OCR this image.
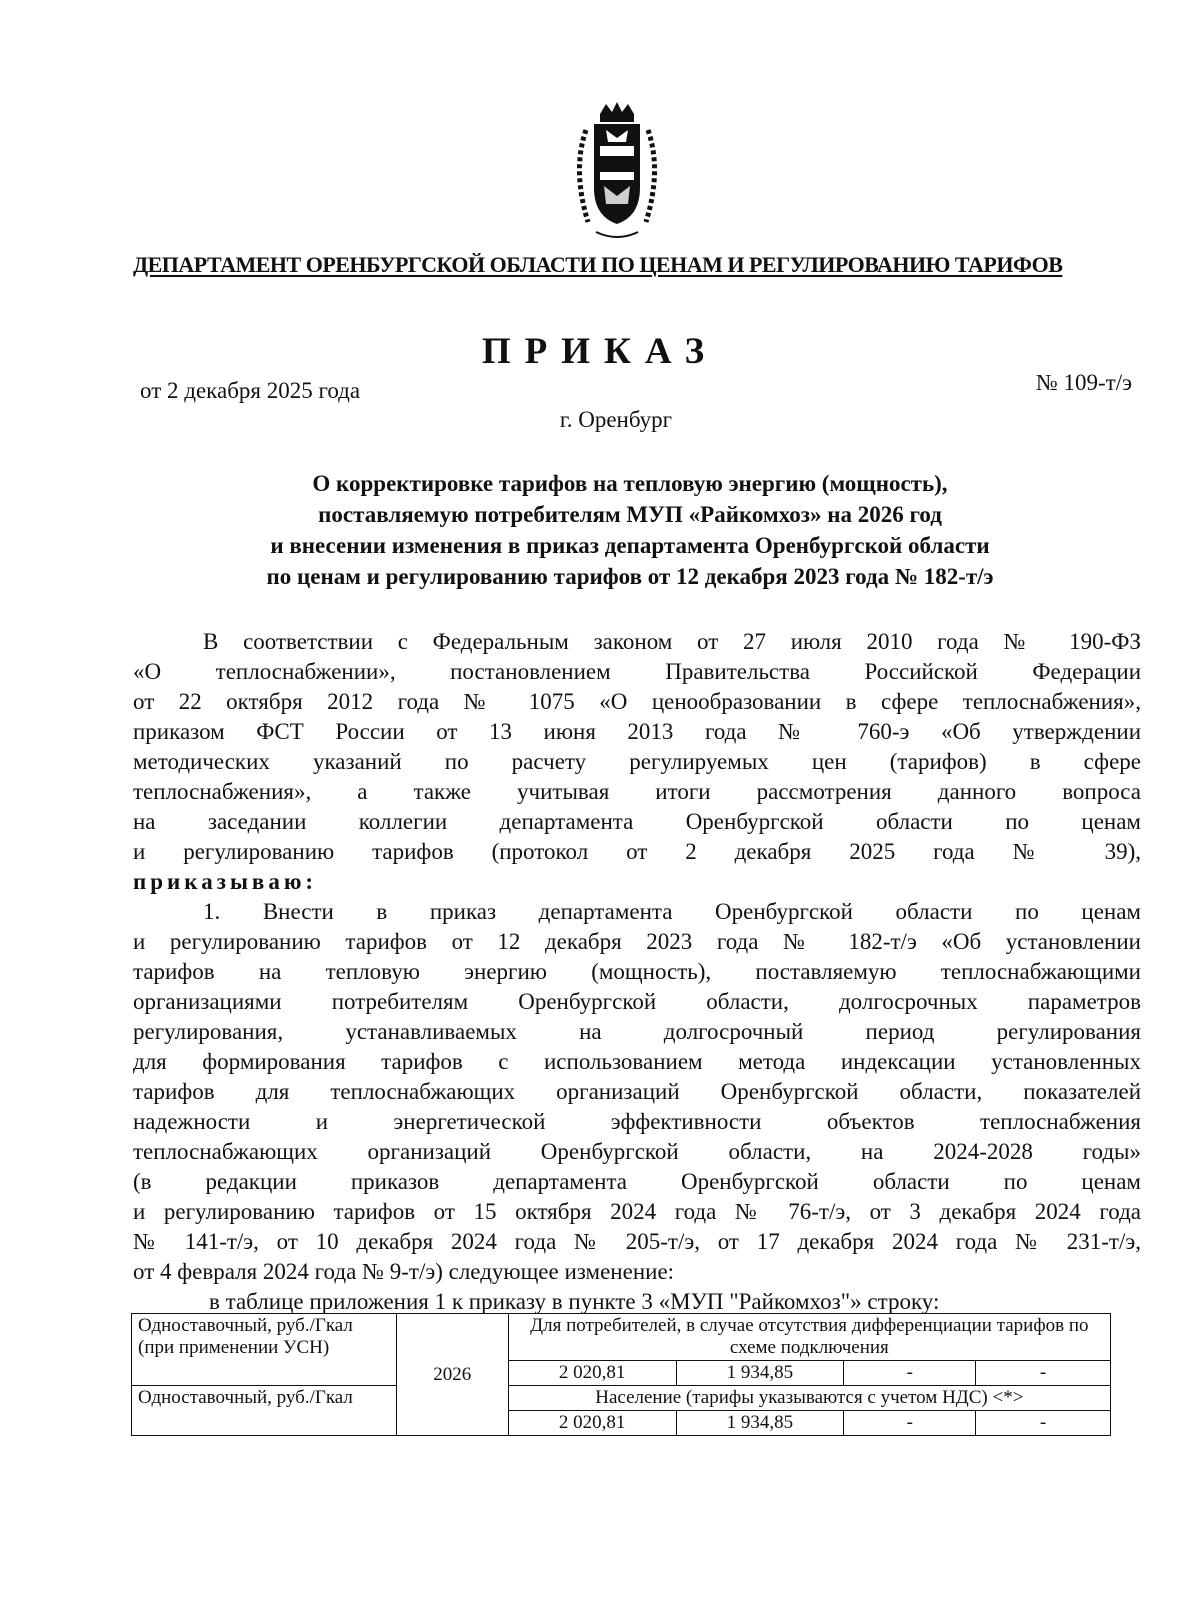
ДЕПАРТАМЕНТ ОРЕНБУРГСКОЙ ОБЛАСТИ ПО ЦЕНАМ И РЕГУЛИРОВАНИЮ ТАРИФОВ
ПРИКАЗ
от 2 декабря 2025 года	№ 109-т/э
г. Оренбург
О корректировке тарифов на тепловую энергию (мощность),
поставляемую потребителям МУП «Райкомхоз» на 2026 год
и внесении изменения в приказ департамента Оренбургской области
по ценам и регулированию тарифов от 12 декабря 2023 года № 182-т/э
В соответствии с Федеральным законом от 27 июля 2010 года № 190-ФЗ
«О теплоснабжении», постановлением Правительства Российской Федерации
от 22 октября 2012 года № 1075 «О ценообразовании в сфере теплоснабжения»,
приказом ФСТ России от 13 июня 2013 года № 760-э «Об утверждении
методических указаний по расчету регулируемых цен (тарифов) в сфере
теплоснабжения», а также учитывая итоги рассмотрения данного вопроса
на заседании коллегии департамента Оренбургской области по ценам
и регулированию тарифов (протокол от 2 декабря 2025 года № 39),
приказываю:
1. Внести в приказ департамента Оренбургской области по ценам
и регулированию тарифов от 12 декабря 2023 года № 182-т/э «Об установлении
тарифов на тепловую энергию (мощность), поставляемую теплоснабжающими
организациями потребителям Оренбургской области, долгосрочных параметров
регулирования, устанавливаемых на долгосрочный период регулирования
для формирования тарифов с использованием метода индексации установленных
тарифов для теплоснабжающих организаций Оренбургской области, показателей
надежности и энергетической эффективности объектов теплоснабжения
теплоснабжающих организаций Оренбургской области, на 2024-2028 годы»
(в редакции приказов департамента Оренбургской области по ценам
и регулированию тарифов от 15 октября 2024 года № 76-т/э, от 3 декабря 2024 года
№ 141-т/э, от 10 декабря 2024 года № 205-т/э, от 17 декабря 2024 года № 231-т/э,
от 4 февраля 2024 года № 9-т/э) следующее изменение:
в таблице приложения 1 к приказу в пункте 3 «МУП "Райкомхоз"» строку:
Одноставочный, руб./Гкал (при применении УСН)	2026	Для потребителей, в случае отсутствия дифференциации тарифов по схеме подключения			
		2 020,81	1 934,85	-	-
Одноставочный, руб./Гкал		Население (тарифы указываются с учетом НДС) <*>			
		2 020,81	1 934,85	-	-
